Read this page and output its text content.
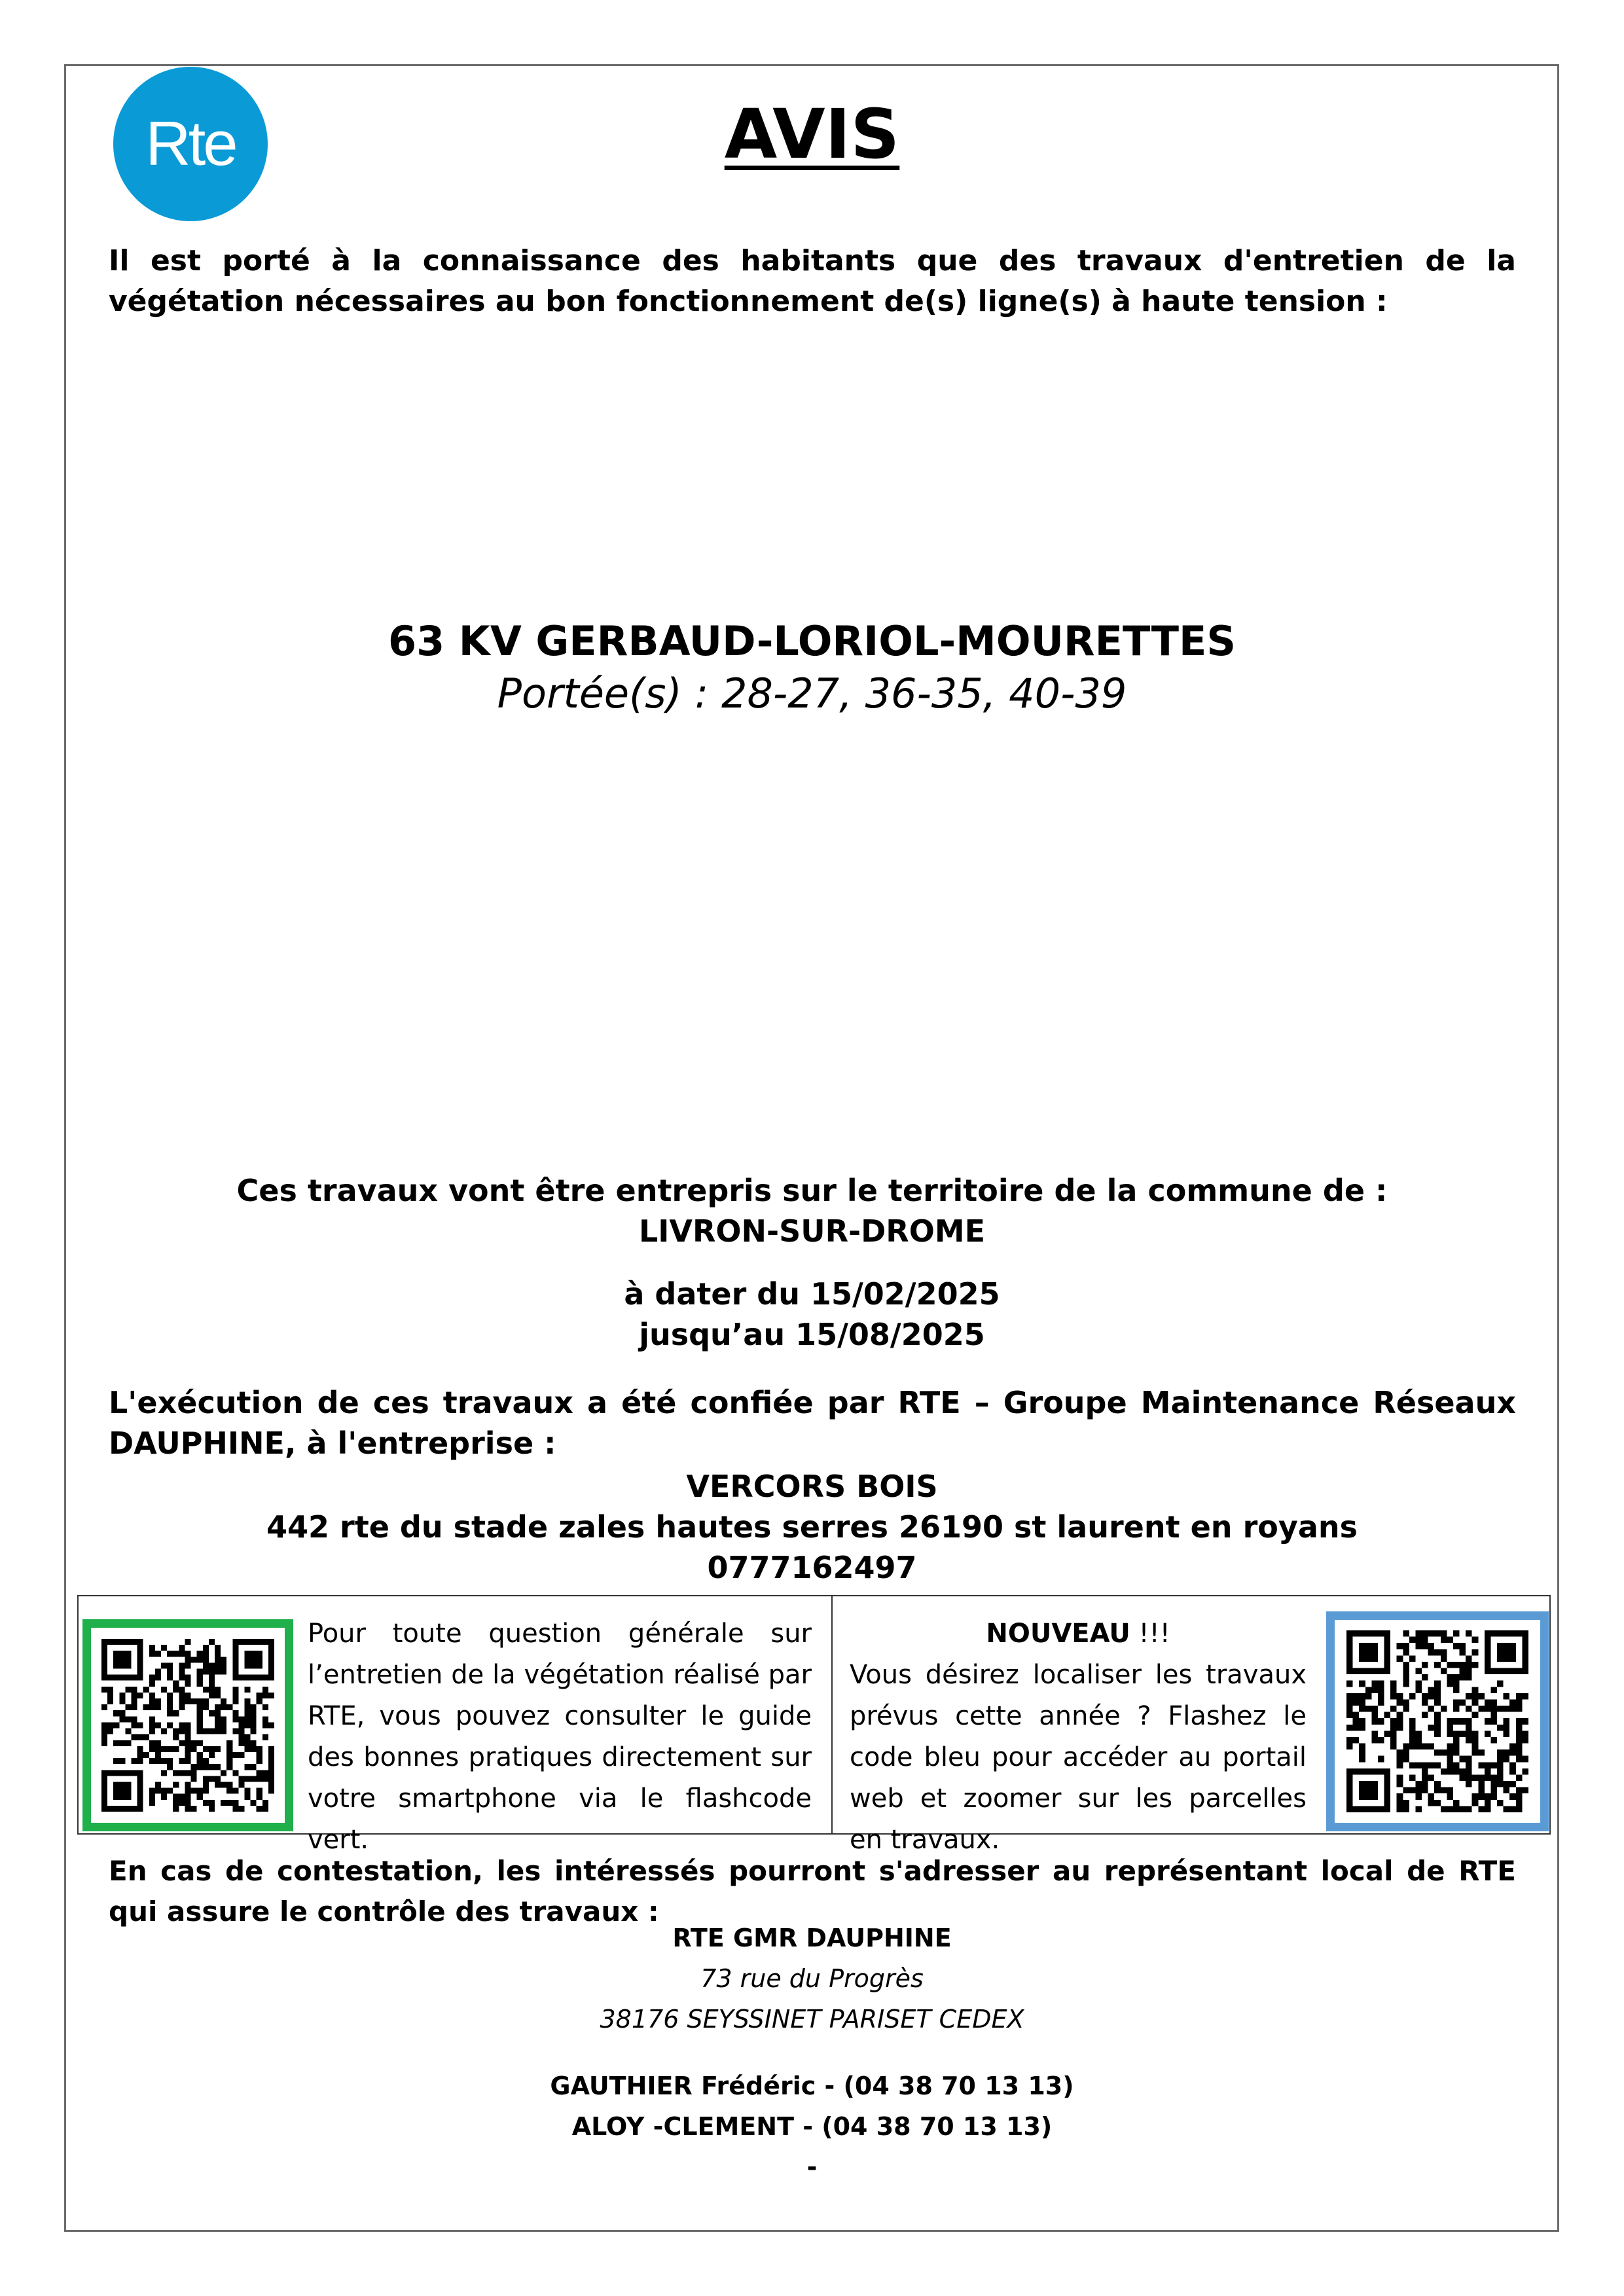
Rte	AVIS
Il est porté à la connaissance des habitants que des travaux d'entretien de la végétation nécessaires au bon fonctionnement de(s) ligne(s) à haute tension :
63 KV GERBAUD-LORIOL-MOURETTES
Portée(s) : 28-27, 36-35, 40-39
Ces travaux vont être entrepris sur le territoire de la commune de :
LIVRON-SUR-DROME
à dater du 15/02/2025
jusqu’au 15/08/2025
L'exécution de ces travaux a été confiée par RTE – Groupe Maintenance Réseaux DAUPHINE, à l'entreprise :
VERCORS BOIS
442 rte du stade zales hautes serres 26190 st laurent en royans
0777162497
Pour toute question générale sur l’entretien de la végétation réalisé par RTE, vous pouvez consulter le guide des bonnes pratiques directement sur votre smartphone via le flashcode vert.
NOUVEAU !!!
Vous désirez localiser les travaux prévus cette année ? Flashez le code bleu pour accéder au portail web et zoomer sur les parcelles en travaux.
En cas de contestation, les intéressés pourront s'adresser au représentant local de RTE qui assure le contrôle des travaux :
RTE GMR DAUPHINE
73 rue du Progrès
38176 SEYSSINET PARISET CEDEX
GAUTHIER Frédéric - (04 38 70 13 13)
ALOY -CLEMENT - (04 38 70 13 13)
-
